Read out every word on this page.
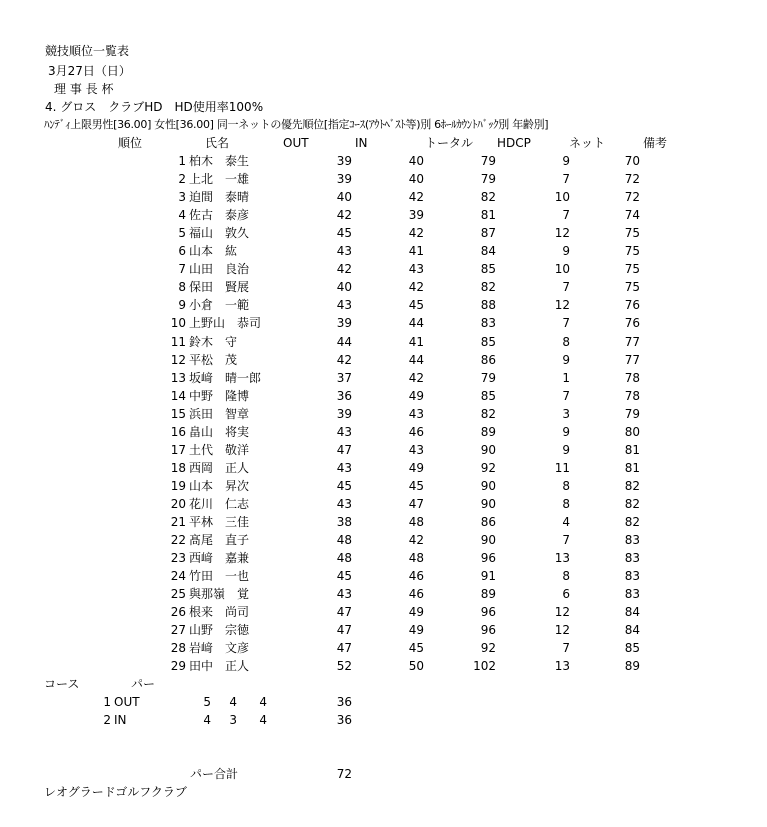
競技順位一覧表
3月27日（日）
理 事 長 杯
4. グロス　クラブHD　HD使用率100%
ﾊﾝﾃﾞｨ上限男性[36.00] 女性[36.00] 同一ネットの優先順位[指定ｺｰｽ(ｱｳﾄﾍﾞｽﾄ等)別 6ﾎｰﾙｶｳﾝﾄﾊﾞｯｸ別 年齢別]
順位	氏名	OUT	IN	トータル HDCP	ネット	備考
1 柏木　泰生	39	40	79	9	70
2 上北　一雄	39	40	79	7	72
3 迫間　泰晴	40	42	82	10	72
4 佐古　泰彦	42	39	81	7	74
5 福山　敦久	45	42	87	12	75
6 山本　紘	43	41	84	9	75
7 山田　良治	42	43	85	10	75
8 保田　賢展	40	42	82	7	75
9 小倉　一範	43	45	88	12	76
10 上野山　恭司	39	44	83	7	76
11 鈴木　守	44	41	85	8	77
12 平松　茂	42	44	86	9	77
13 坂﨑　晴一郎	37	42	79	1	78
14 中野　隆博	36	49	85	7	78
15 浜田　智章	39	43	82	3	79
16 畠山　将実	43	46	89	9	80
17 土代　敬洋	47	43	90	9	81
18 西岡　正人	43	49	92	11	81
19 山本　昇次	45	45	90	8	82
20 花川　仁志	43	47	90	8	82
21 平林　三佳	38	48	86	4	82
22 髙尾　直子	48	42	90	7	83
23 西﨑　嘉兼	48	48	96	13	83
24 竹田　一也	45	46	91	8	83
25 與那嶺　覚	43	46	89	6	83
26 根来　尚司	47	49	96	12	84
27 山野　宗徳	47	49	96	12	84
28 岩﨑　文彦	47	45	92	7	85
29 田中　正人	52	50	102	13	89
コース	パー
1 OUT	5	4	4	36
2 IN	4	3	4	36
パー合計	72
レオグラードゴルフクラブ
